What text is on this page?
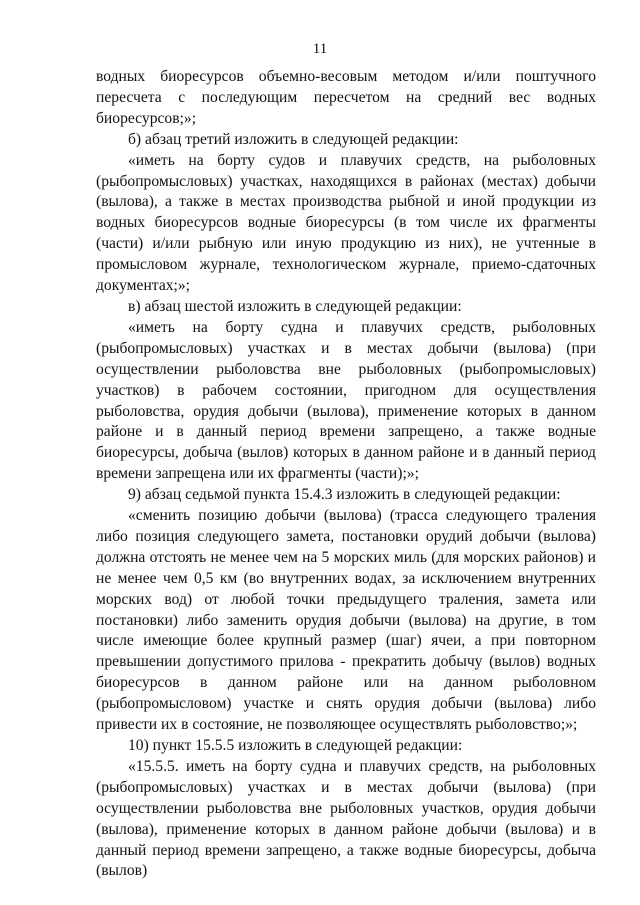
11

водных биоресурсов объемно-весовым методом и/или поштучного пересчета с последующим пересчетом на средний вес водных биоресурсов;»;

б) абзац третий изложить в следующей редакции:

«иметь на борту судов и плавучих средств, на рыболовных (рыбопромысловых) участках, находящихся в районах (местах) добычи (вылова), а также в местах производства рыбной и иной продукции из водных биоресурсов водные биоресурсы (в том числе их фрагменты (части) и/или рыбную или иную продукцию из них), не учтенные в промысловом журнале, технологическом журнале, приемо-сдаточных документах;»;

в) абзац шестой изложить в следующей редакции:

«иметь на борту судна и плавучих средств, рыболовных (рыбопромысловых) участках и в местах добычи (вылова) (при осуществлении рыболовства вне рыболовных (рыбопромысловых) участков) в рабочем состоянии, пригодном для осуществления рыболовства, орудия добычи (вылова), применение которых в данном районе и в данный период времени запрещено, а также водные биоресурсы, добыча (вылов) которых в данном районе и в данный период времени запрещена или их фрагменты (части);»;

9) абзац седьмой пункта 15.4.3 изложить в следующей редакции:

«сменить позицию добычи (вылова) (трасса следующего траления либо позиция следующего замета, постановки орудий добычи (вылова) должна отстоять не менее чем на 5 морских миль (для морских районов) и не менее чем 0,5 км (во внутренних водах, за исключением внутренних морских вод) от любой точки предыдущего траления, замета или постановки) либо заменить орудия добычи (вылова) на другие, в том числе имеющие более крупный размер (шаг) ячеи, а при повторном превышении допустимого прилова - прекратить добычу (вылов) водных биоресурсов в данном районе или на данном рыболовном (рыбопромысловом) участке и снять орудия добычи (вылова) либо привести их в состояние, не позволяющее осуществлять рыболовство;»;

10) пункт 15.5.5 изложить в следующей редакции:

«15.5.5. иметь на борту судна и плавучих средств, на рыболовных (рыбопромысловых) участках и в местах добычи (вылова) (при осуществлении рыболовства вне рыболовных участков, орудия добычи (вылова), применение которых в данном районе добычи (вылова) и в данный период времени запрещено, а также водные биоресурсы, добыча (вылов)
